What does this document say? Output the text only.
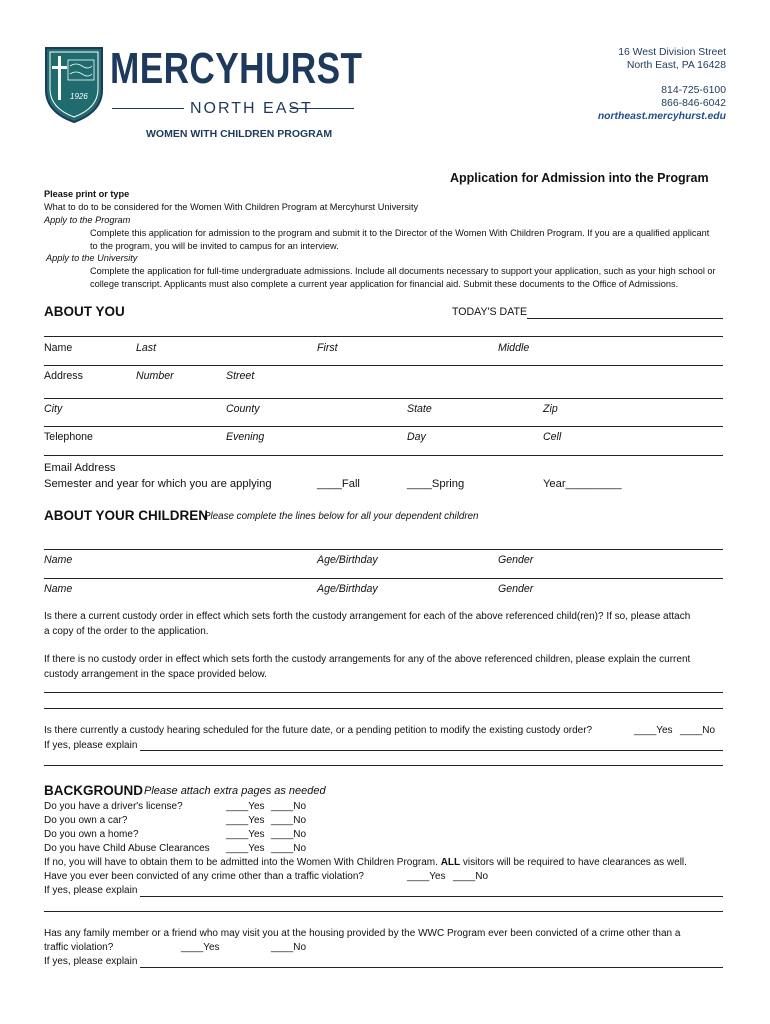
1926
MERCYHURST
NORTH EAST
WOMEN WITH CHILDREN PROGRAM
16 West Division Street
North East, PA 16428
814-725-6100
866-846-6042
northeast.mercyhurst.edu
Application for Admission into the Program
Please print or type
What to do to be considered for the Women With Children Program at Mercyhurst University
Apply to the Program
Complete this application for admission to the program and submit it to the Director of the Women With Children Program. If you are a qualified applicant
to the program, you will be invited to campus for an interview.
Apply to the University
Complete the application for full-time undergraduate admissions. Include all documents necessary to support your application, such as your high school or
college transcript. Applicants must also complete a current year application for financial aid. Submit these documents to the Office of Admissions.
ABOUT YOU	TODAY'S DATE
Name	Last	First	Middle
Address	Number	Street
City	County	State	Zip
Telephone	Evening	Day	Cell
Email Address
Semester and year for which you are applying	____Fall	____Spring	Year_________
ABOUT YOUR CHILDREN
Please complete the lines below for all your dependent children
Name	Age/Birthday	Gender
Name	Age/Birthday	Gender
Is there a current custody order in effect which sets forth the custody arrangement for each of the above referenced child(ren)? If so, please attach
a copy of the order to the application.
If there is no custody order in effect which sets forth the custody arrangements for any of the above referenced children, please explain the current
custody arrangement in the space provided below.
Is there currently a custody hearing scheduled for the future date, or a pending petition to modify the existing custody order?	____Yes ____No
If yes, please explain
BACKGROUND Please attach extra pages as needed
Do you have a driver's license?	____Yes ____No
Do you own a car?	____Yes ____No
Do you own a home?	____Yes ____No
Do you have Child Abuse Clearances ____Yes ____No
If no, you will have to obtain them to be admitted into the Women With Children Program. ALL visitors will be required to have clearances as well.
Have you ever been convicted of any crime other than a traffic violation?	____Yes ____No
If yes, please explain
Has any family member or a friend who may visit you at the housing provided by the WWC Program ever been convicted of a crime other than a
traffic violation?	____Yes	____No
If yes, please explain
